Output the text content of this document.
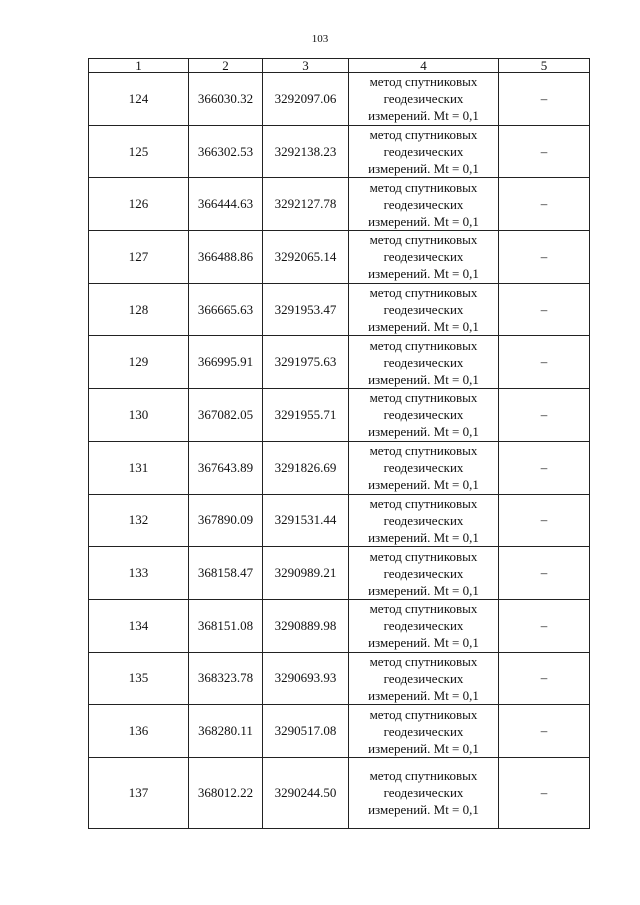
103
1	2	3	4	5
124	366030.32	3292097.06	метод спутниковых
геодезических
измерений. Mt = 0,1	–
125	366302.53	3292138.23	метод спутниковых
геодезических
измерений. Mt = 0,1	–
126	366444.63	3292127.78	метод спутниковых
геодезических
измерений. Mt = 0,1	–
127	366488.86	3292065.14	метод спутниковых
геодезических
измерений. Mt = 0,1	–
128	366665.63	3291953.47	метод спутниковых
геодезических
измерений. Mt = 0,1	–
129	366995.91	3291975.63	метод спутниковых
геодезических
измерений. Mt = 0,1	–
130	367082.05	3291955.71	метод спутниковых
геодезических
измерений. Mt = 0,1	–
131	367643.89	3291826.69	метод спутниковых
геодезических
измерений. Mt = 0,1	–
132	367890.09	3291531.44	метод спутниковых
геодезических
измерений. Mt = 0,1	–
133	368158.47	3290989.21	метод спутниковых
геодезических
измерений. Mt = 0,1	–
134	368151.08	3290889.98	метод спутниковых
геодезических
измерений. Mt = 0,1	–
135	368323.78	3290693.93	метод спутниковых
геодезических
измерений. Mt = 0,1	–
136	368280.11	3290517.08	метод спутниковых
геодезических
измерений. Mt = 0,1	–
137	368012.22	3290244.50	метод спутниковых
геодезических
измерений. Mt = 0,1	–
